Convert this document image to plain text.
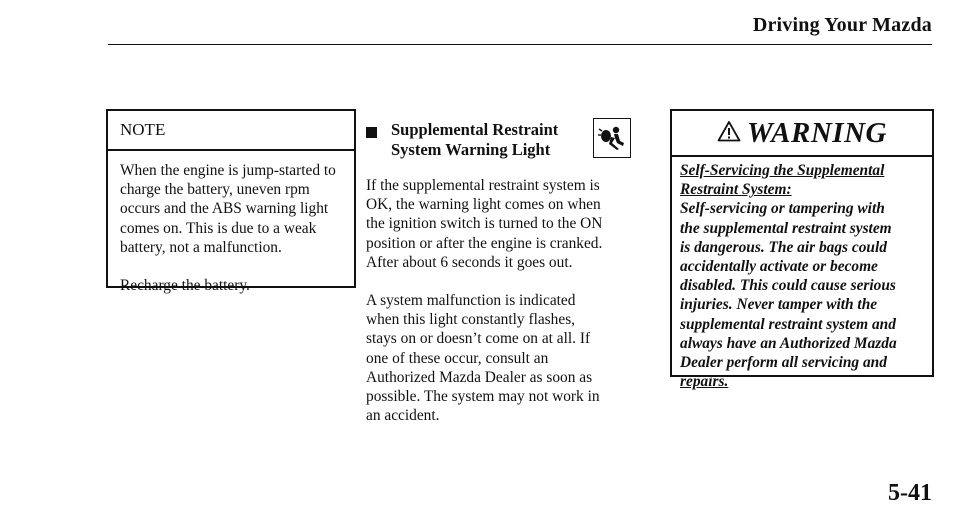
Driving Your Mazda
NOTE

When the engine is jump-started to
charge the battery, uneven rpm
occurs and the ABS warning light
comes on. This is due to a weak
battery, not a malfunction.

Recharge the battery.

Supplemental Restraint
System Warning Light

If the supplemental restraint system is
OK, the warning light comes on when
the ignition switch is turned to the ON
position or after the engine is cranked.
After about 6 seconds it goes out.

A system malfunction is indicated
when this light constantly flashes,
stays on or doesn’t come on at all. If
one of these occur, consult an
Authorized Mazda Dealer as soon as
possible. The system may not work in
an accident.

WARNING
Self-Servicing the Supplemental
Restraint System:
Self-servicing or tampering with
the supplemental restraint system
is dangerous. The air bags could
accidentally activate or become
disabled. This could cause serious
injuries. Never tamper with the
supplemental restraint system and
always have an Authorized Mazda
Dealer perform all servicing and
repairs.
5-41
